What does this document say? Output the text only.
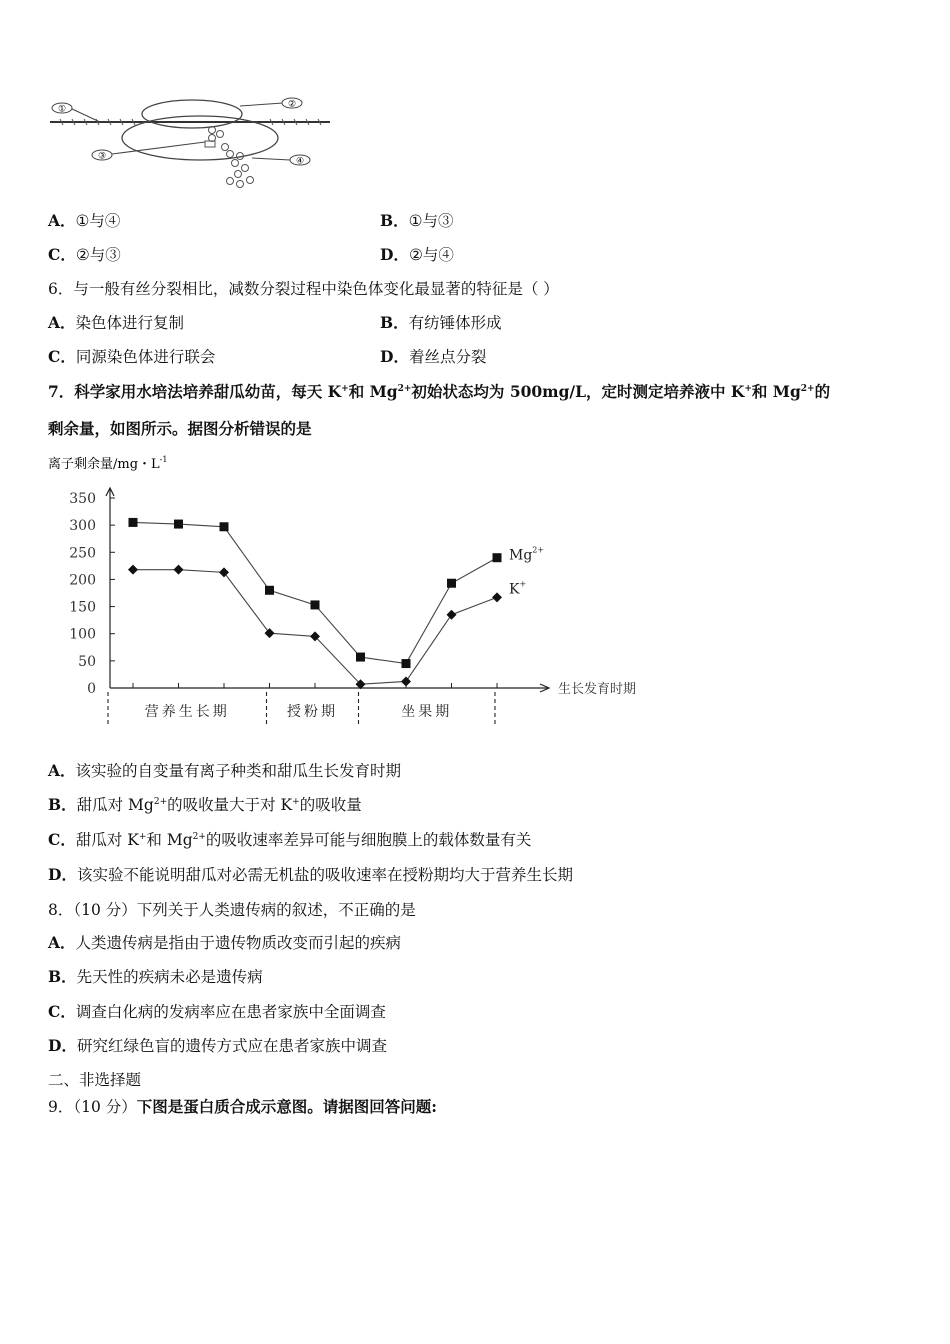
①	②
③	④
A．①与④	B．①与③
C．②与③	D．②与④
6．与一般有丝分裂相比，减数分裂过程中染色体变化最显著的特征是（ ）
A．染色体进行复制	B．有纺锤体形成
C．同源染色体进行联会	D．着丝点分裂
7．科学家用水培法培养甜瓜幼苗，每天 K+和 $Mg^{2+}$初始状态均为 500mg/L，定时测定培养液中 K+和 $Mg^{2+}$的
剩余量，如图所示。据图分析错误的是
离子剩余量/mg・$L^{-1}$
350
300
250
200
150
100
50
0	生长发育时期
$Mg^{2+}$
K+
营养生长期	授粉期	坐果期
A．该实验的自变量有离子种类和甜瓜生长发育时期
B．甜瓜对 $Mg^{2+}$的吸收量大于对 K+的吸收量
C．甜瓜对 K+和 $Mg^{2+}$的吸收速率差异可能与细胞膜上的载体数量有关
D．该实验不能说明甜瓜对必需无机盐的吸收速率在授粉期均大于营养生长期
8．（10 分）下列关于人类遗传病的叙述，不正确的是
A．人类遗传病是指由于遗传物质改变而引起的疾病
B．先天性的疾病未必是遗传病
C．调查白化病的发病率应在患者家族中全面调查
D．研究红绿色盲的遗传方式应在患者家族中调查
二、非选择题
9．（10 分）下图是蛋白质合成示意图。请据图回答问题:
